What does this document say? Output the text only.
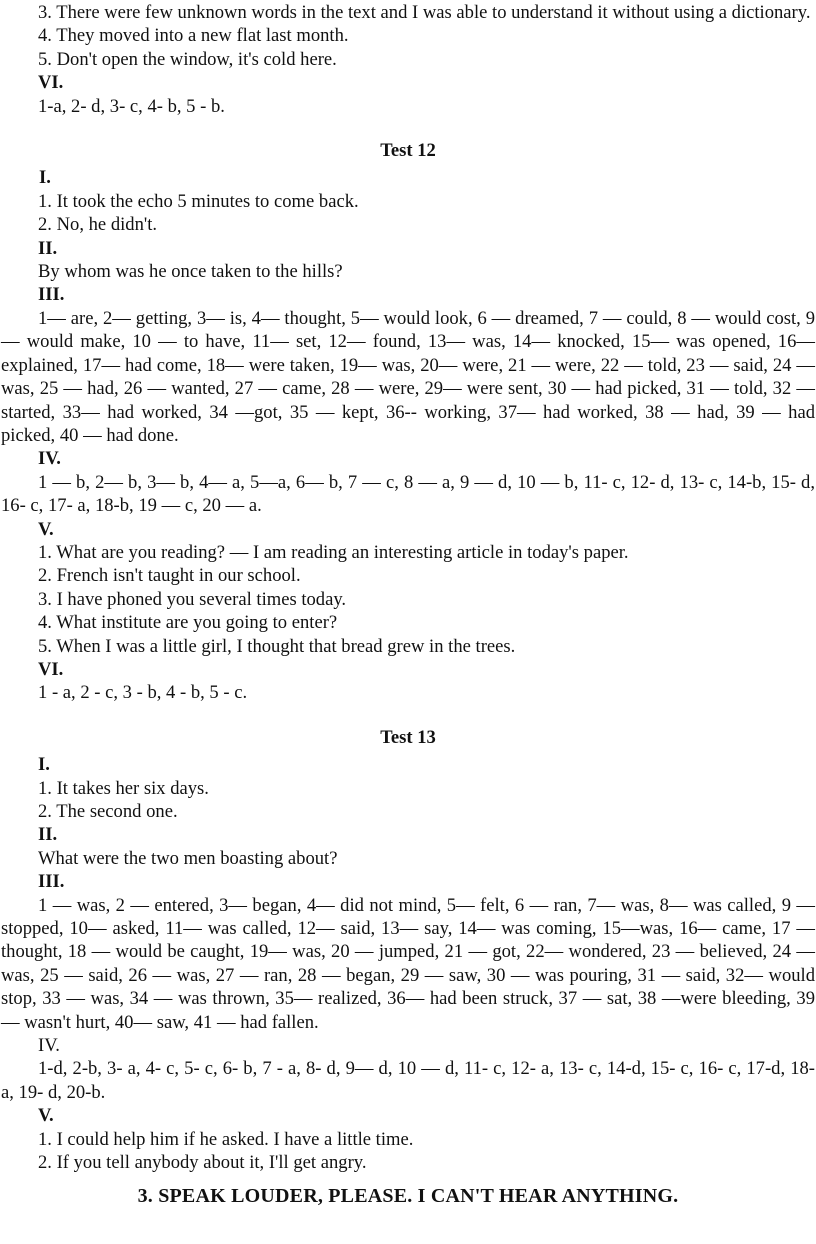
3. There were few unknown words in the text and I was able to understand it without using a dictionary.

4. They moved into a new flat last month.

5. Don't open the window, it's cold here.

VI.

1-a, 2- d, 3- c, 4- b, 5 - b.

Test 12

I.

1. It took the echo 5 minutes to come back.

2. No, he didn't.

II.

By whom was he once taken to the hills?

III.

1— are, 2— getting, 3— is, 4— thought, 5— would look, 6 — dreamed, 7 — could, 8 — would cost, 9 — would make, 10 — to have, 11— set, 12— found, 13— was, 14— knocked, 15— was opened, 16— explained, 17— had come, 18— were taken, 19— was, 20— were, 21 — were, 22 — told, 23 — said, 24 — was, 25 — had, 26 — wanted, 27 — came, 28 — were, 29— were sent, 30 — had picked, 31 — told, 32 — started, 33— had worked, 34 —got, 35 — kept, 36-- working, 37— had worked, 38 — had, 39 — had picked, 40 — had done.

IV.

1 — b, 2— b, 3— b, 4— a, 5—a, 6— b, 7 — c, 8 — a, 9 — d, 10 — b, 11- c, 12- d, 13- c, 14-b, 15- d, 16- c, 17- a, 18-b, 19 — c, 20 — a.

V.

1. What are you reading? — I am reading an interesting article in today's paper.

2. French isn't taught in our school.

3. I have phoned you several times today.

4. What institute are you going to enter?

5. When I was a little girl, I thought that bread grew in the trees.

VI.

1 - a, 2 - c, 3 - b, 4 - b, 5 - c.

Test 13

I.

1. It takes her six days.

2. The second one.

II.

What were the two men boasting about?

III.

1 — was, 2 — entered, 3— began, 4— did not mind, 5— felt, 6 — ran, 7— was, 8— was called, 9 — stopped, 10— asked, 11— was called, 12— said, 13— say, 14— was coming, 15—was, 16— came, 17 — thought, 18 — would be caught, 19— was, 20 — jumped, 21 — got, 22— wondered, 23 — believed, 24 — was, 25 — said, 26 — was, 27 — ran, 28 — began, 29 — saw, 30 — was pouring, 31 — said, 32— would stop, 33 — was, 34 — was thrown, 35— realized, 36— had been struck, 37 — sat, 38 —were bleeding, 39— wasn't hurt, 40— saw, 41 — had fallen.

IV.

1-d, 2-b, 3- a, 4- c, 5- c, 6- b, 7 - a, 8- d, 9— d, 10 — d, 11- c, 12- a, 13- c, 14-d, 15- c, 16- c, 17-d, 18- a, 19- d, 20-b.

V.

1. I could help him if he asked. I have a little time.

2. If you tell anybody about it, I'll get angry.

3. SPEAK LOUDER, PLEASE. I CAN'T HEAR ANYTHING.
